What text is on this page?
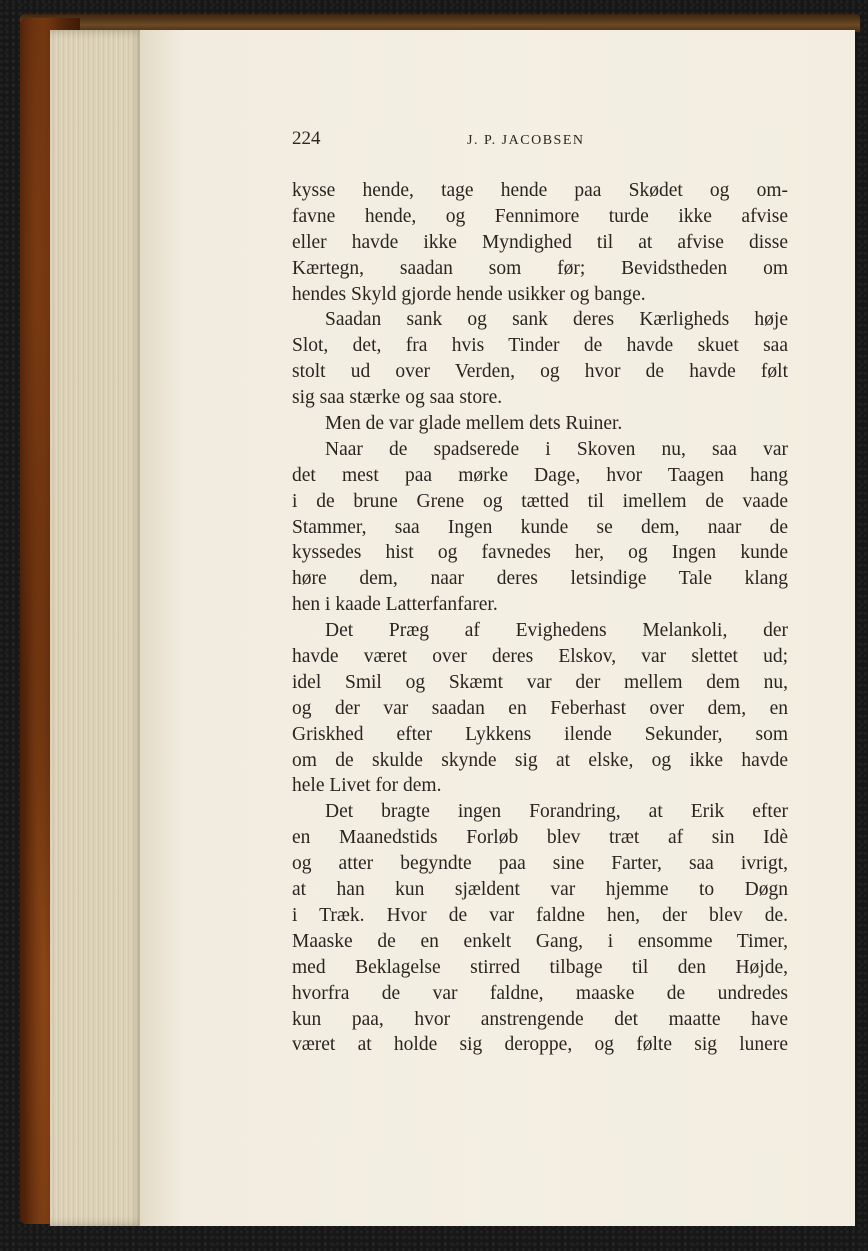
224	J. P. JACOBSEN
kysse hende, tage hende paa Skødet og om-
favne hende, og Fennimore turde ikke afvise
eller havde ikke Myndighed til at afvise disse
Kærtegn, saadan som før; Bevidstheden om
hendes Skyld gjorde hende usikker og bange.
Saadan sank og sank deres Kærligheds høje
Slot, det, fra hvis Tinder de havde skuet saa
stolt ud over Verden, og hvor de havde følt
sig saa stærke og saa store.
Men de var glade mellem dets Ruiner.
Naar de spadserede i Skoven nu, saa var
det mest paa mørke Dage, hvor Taagen hang
i de brune Grene og tætted til imellem de vaade
Stammer, saa Ingen kunde se dem, naar de
kyssedes hist og favnedes her, og Ingen kunde
høre dem, naar deres letsindige Tale klang
hen i kaade Latterfanfarer.
Det Præg af Evighedens Melankoli, der
havde været over deres Elskov, var slettet ud;
idel Smil og Skæmt var der mellem dem nu,
og der var saadan en Feberhast over dem, en
Griskhed efter Lykkens ilende Sekunder, som
om de skulde skynde sig at elske, og ikke havde
hele Livet for dem.
Det bragte ingen Forandring, at Erik efter
en Maanedstids Forløb blev træt af sin Idè
og atter begyndte paa sine Farter, saa ivrigt,
at han kun sjældent var hjemme to Døgn
i Træk. Hvor de var faldne hen, der blev de.
Maaske de en enkelt Gang, i ensomme Timer,
med Beklagelse stirred tilbage til den Højde,
hvorfra de var faldne, maaske de undredes
kun paa, hvor anstrengende det maatte have
været at holde sig deroppe, og følte sig lunere
